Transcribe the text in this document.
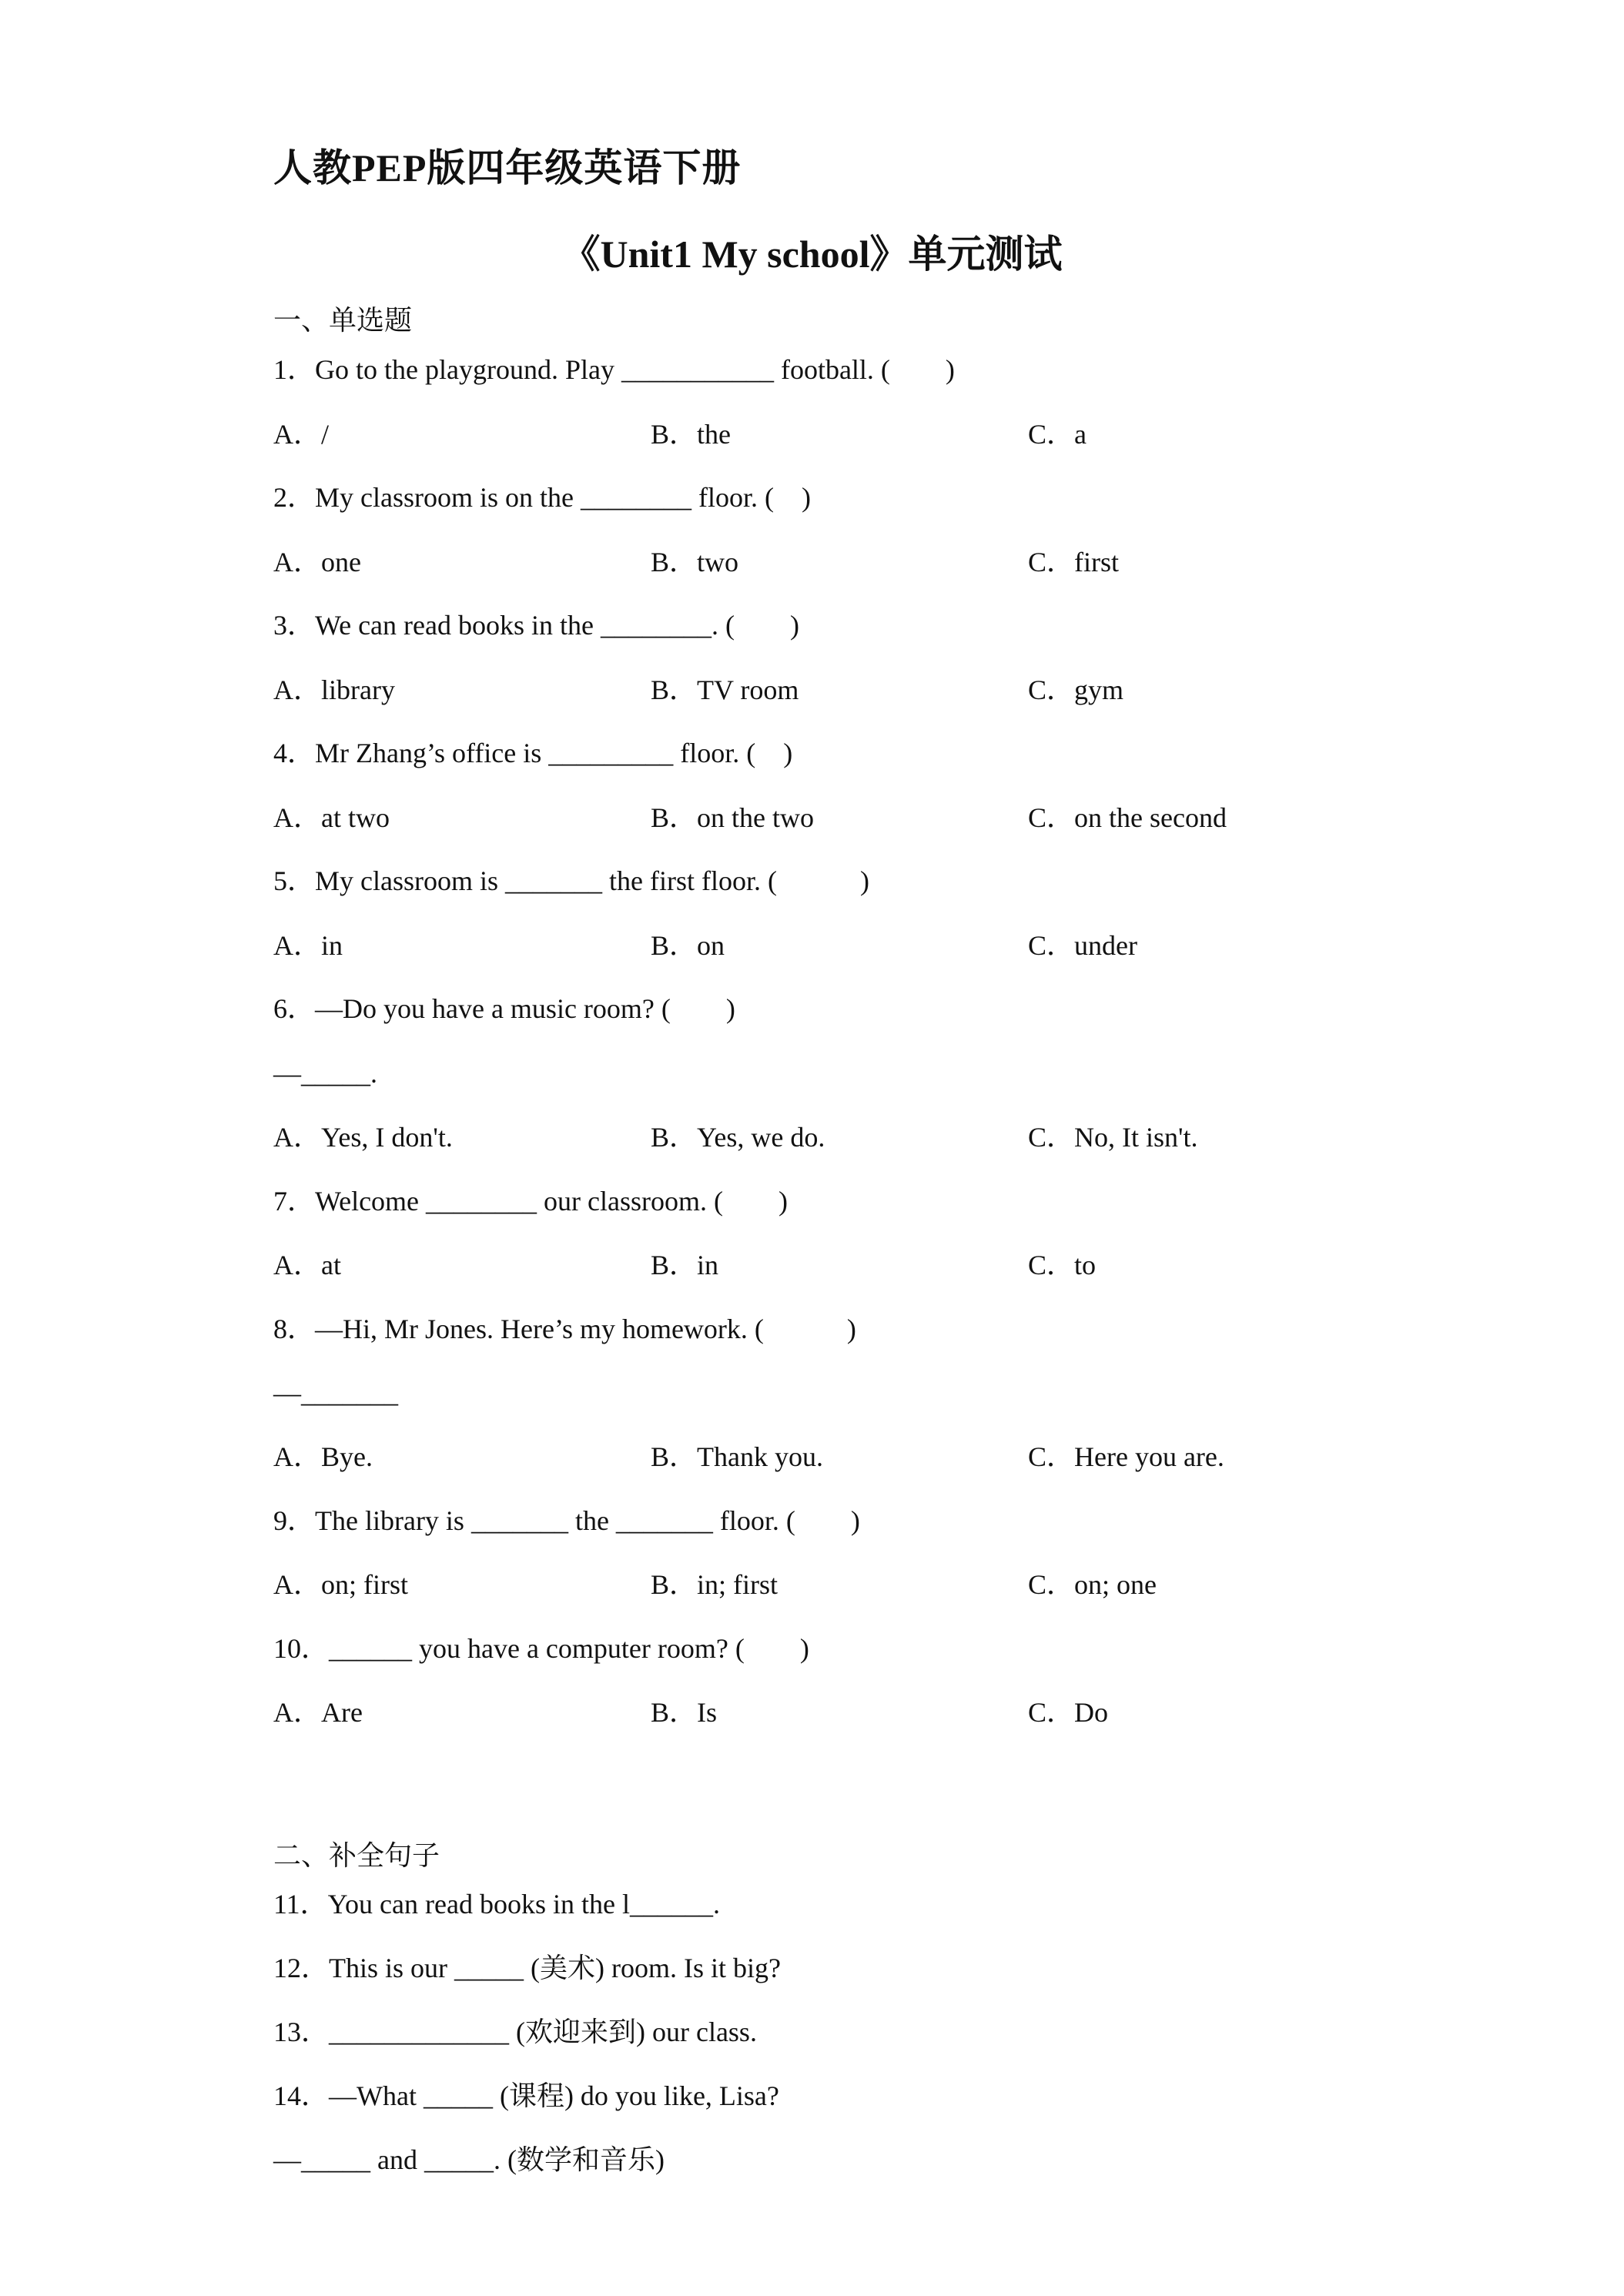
人教PEP版四年级英语下册
《Unit1 My school》单元测试
一、单选题
1．Go to the playground. Play ___________ football. (　　)
A．/	B．the	C．a
2．My classroom is on the ________ floor. (　)
A．one	B．two	C．first
3．We can read books in the ________. (　　)
A．library	B．TV room	C．gym
4．Mr Zhang’s office is _________ floor. (　)
A．at two	B．on the two	C．on the second
5．My classroom is _______ the first floor. (　　　)
A．in	B．on	C．under
6．—Do you have a music room? (　　)
—_____.
A．Yes, I don't.	B．Yes, we do.	C．No, It isn't.
7．Welcome ________ our classroom. (　　)
A．at	B．in	C．to
8．—Hi, Mr Jones. Here’s my homework. (　　　)
—_______
A．Bye.	B．Thank you.	C．Here you are.
9．The library is _______ the _______ floor. (　　)
A．on; first	B．in; first	C．on; one
10．______ you have a computer room? (　　)
A．Are	B．Is	C．Do
二、补全句子
11．You can read books in the l______.
12．This is our _____ (美术) room. Is it big?
13．_____________ (欢迎来到) our class.
14．—What _____ (课程) do you like, Lisa?
—_____ and _____. (数学和音乐)
